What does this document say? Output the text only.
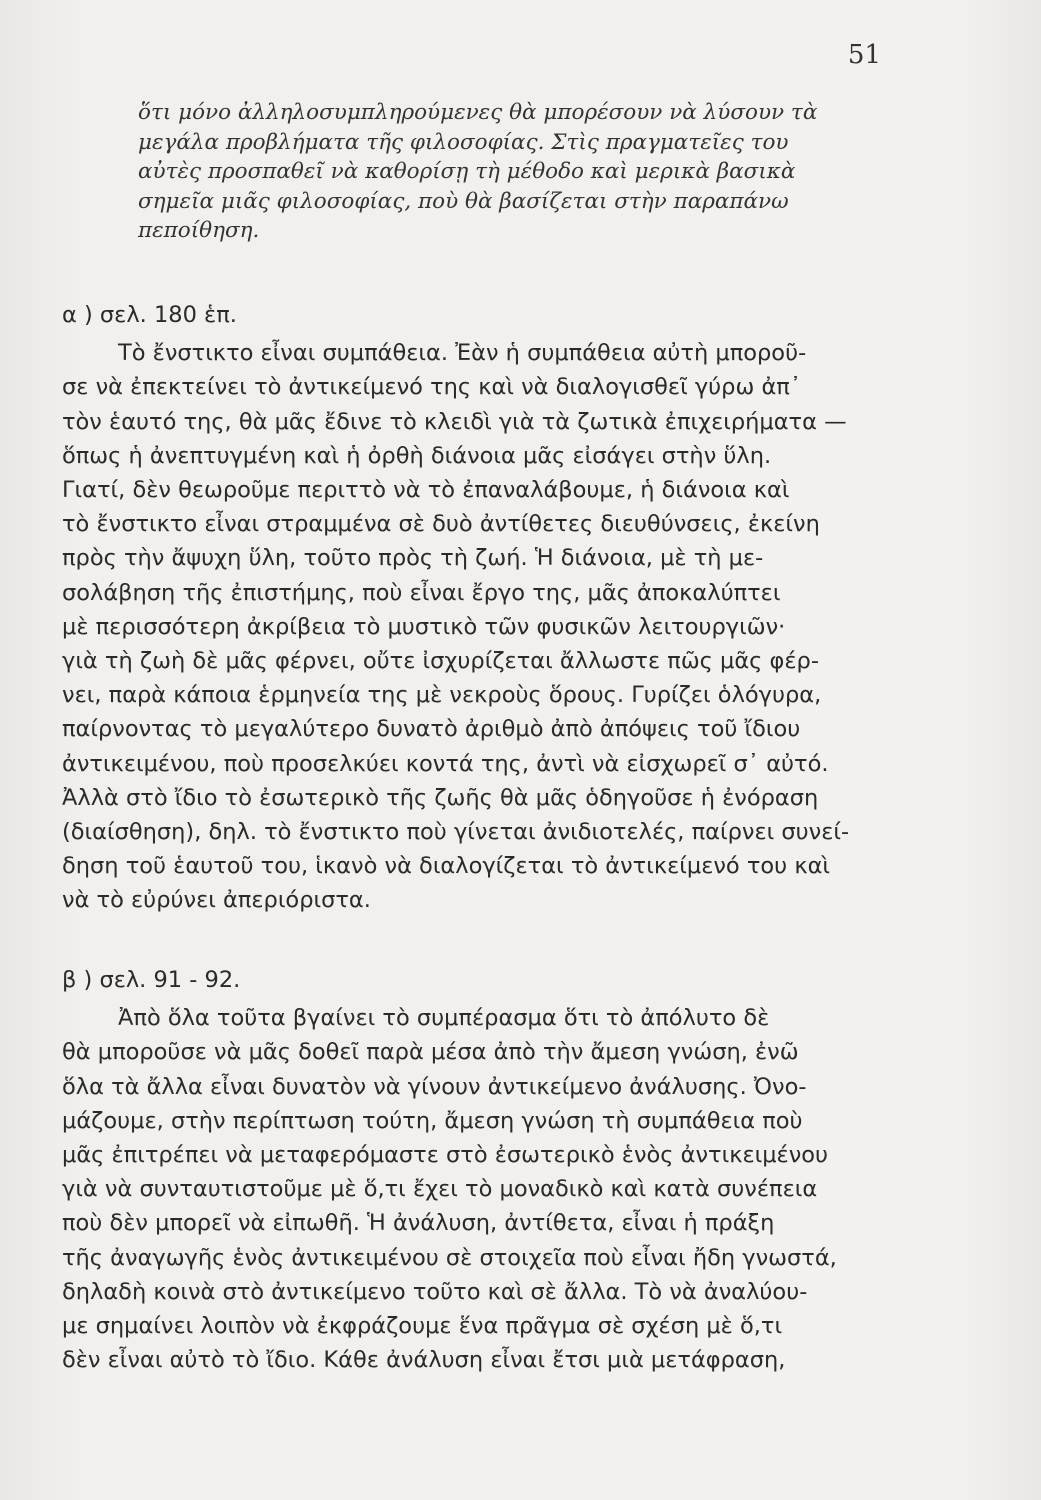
51
ὅτι μόνο ἀλληλοσυμπληρούμενες θὰ μπορέσουν νὰ λύσουν τὰ
μεγάλα προβλήματα τῆς φιλοσοφίας. Στὶς πραγματεῖες του
αὐτὲς προσπαθεῖ νὰ καθορίσῃ τὴ μέθοδο καὶ μερικὰ βασικὰ
σημεῖα μιᾶς φιλοσοφίας, ποὺ θὰ βασίζεται στὴν παραπάνω
πεποίθηση.
α ) σελ. 180 ἑπ.
Τὸ ἔνστικτο εἶναι συμπάθεια. Ἐὰν ἡ συμπάθεια αὐτὴ μποροῦ-
σε νὰ ἐπεκτείνει τὸ ἀντικείμενό της καὶ νὰ διαλογισθεῖ γύρω ἀπ᾿
τὸν ἑαυτό της, θὰ μᾶς ἔδινε τὸ κλειδὶ γιὰ τὰ ζωτικὰ ἐπιχειρήματα —
ὅπως ἡ ἀνεπτυγμένη καὶ ἡ ὀρθὴ διάνοια μᾶς εἰσάγει στὴν ὕλη.
Γιατί, δὲν θεωροῦμε περιττὸ νὰ τὸ ἐπαναλάβουμε, ἡ διάνοια καὶ
τὸ ἔνστικτο εἶναι στραμμένα σὲ δυὸ ἀντίθετες διευθύνσεις, ἐκείνη
πρὸς τὴν ἄψυχη ὕλη, τοῦτο πρὸς τὴ ζωή. Ἡ διάνοια, μὲ τὴ με-
σολάβηση τῆς ἐπιστήμης, ποὺ εἶναι ἔργο της, μᾶς ἀποκαλύπτει
μὲ περισσότερη ἀκρίβεια τὸ μυστικὸ τῶν φυσικῶν λειτουργιῶν·
γιὰ τὴ ζωὴ δὲ μᾶς φέρνει, οὔτε ἰσχυρίζεται ἄλλωστε πῶς μᾶς φέρ-
νει, παρὰ κάποια ἑρμηνεία της μὲ νεκροὺς ὅρους. Γυρίζει ὁλόγυρα,
παίρνοντας τὸ μεγαλύτερο δυνατὸ ἀριθμὸ ἀπὸ ἀπόψεις τοῦ ἴδιου
ἀντικειμένου, ποὺ προσελκύει κοντά της, ἀντὶ νὰ εἰσχωρεῖ σ᾿ αὐτό.
Ἀλλὰ στὸ ἴδιο τὸ ἐσωτερικὸ τῆς ζωῆς θὰ μᾶς ὁδηγοῦσε ἡ ἐνόραση
(διαίσθηση), δηλ. τὸ ἔνστικτο ποὺ γίνεται ἀνιδιοτελές, παίρνει συνεί-
δηση τοῦ ἑαυτοῦ του, ἱκανὸ νὰ διαλογίζεται τὸ ἀντικείμενό του καὶ
νὰ τὸ εὐρύνει ἀπεριόριστα.
β ) σελ. 91 - 92.
Ἀπὸ ὅλα τοῦτα βγαίνει τὸ συμπέρασμα ὅτι τὸ ἀπόλυτο δὲ
θὰ μποροῦσε νὰ μᾶς δοθεῖ παρὰ μέσα ἀπὸ τὴν ἄμεση γνώση, ἐνῶ
ὅλα τὰ ἄλλα εἶναι δυνατὸν νὰ γίνουν ἀντικείμενο ἀνάλυσης. Ὀνο-
μάζουμε, στὴν περίπτωση τούτη, ἄμεση γνώση τὴ συμπάθεια ποὺ
μᾶς ἐπιτρέπει νὰ μεταφερόμαστε στὸ ἐσωτερικὸ ἑνὸς ἀντικειμένου
γιὰ νὰ συνταυτιστοῦμε μὲ ὅ,τι ἔχει τὸ μοναδικὸ καὶ κατὰ συνέπεια
ποὺ δὲν μπορεῖ νὰ εἰπωθῆ. Ἡ ἀνάλυση, ἀντίθετα, εἶναι ἡ πράξη
τῆς ἀναγωγῆς ἑνὸς ἀντικειμένου σὲ στοιχεῖα ποὺ εἶναι ἤδη γνωστά,
δηλαδὴ κοινὰ στὸ ἀντικείμενο τοῦτο καὶ σὲ ἄλλα. Τὸ νὰ ἀναλύου-
με σημαίνει λοιπὸν νὰ ἐκφράζουμε ἕνα πρᾶγμα σὲ σχέση μὲ ὅ,τι
δὲν εἶναι αὐτὸ τὸ ἴδιο. Κάθε ἀνάλυση εἶναι ἔτσι μιὰ μετάφραση,
